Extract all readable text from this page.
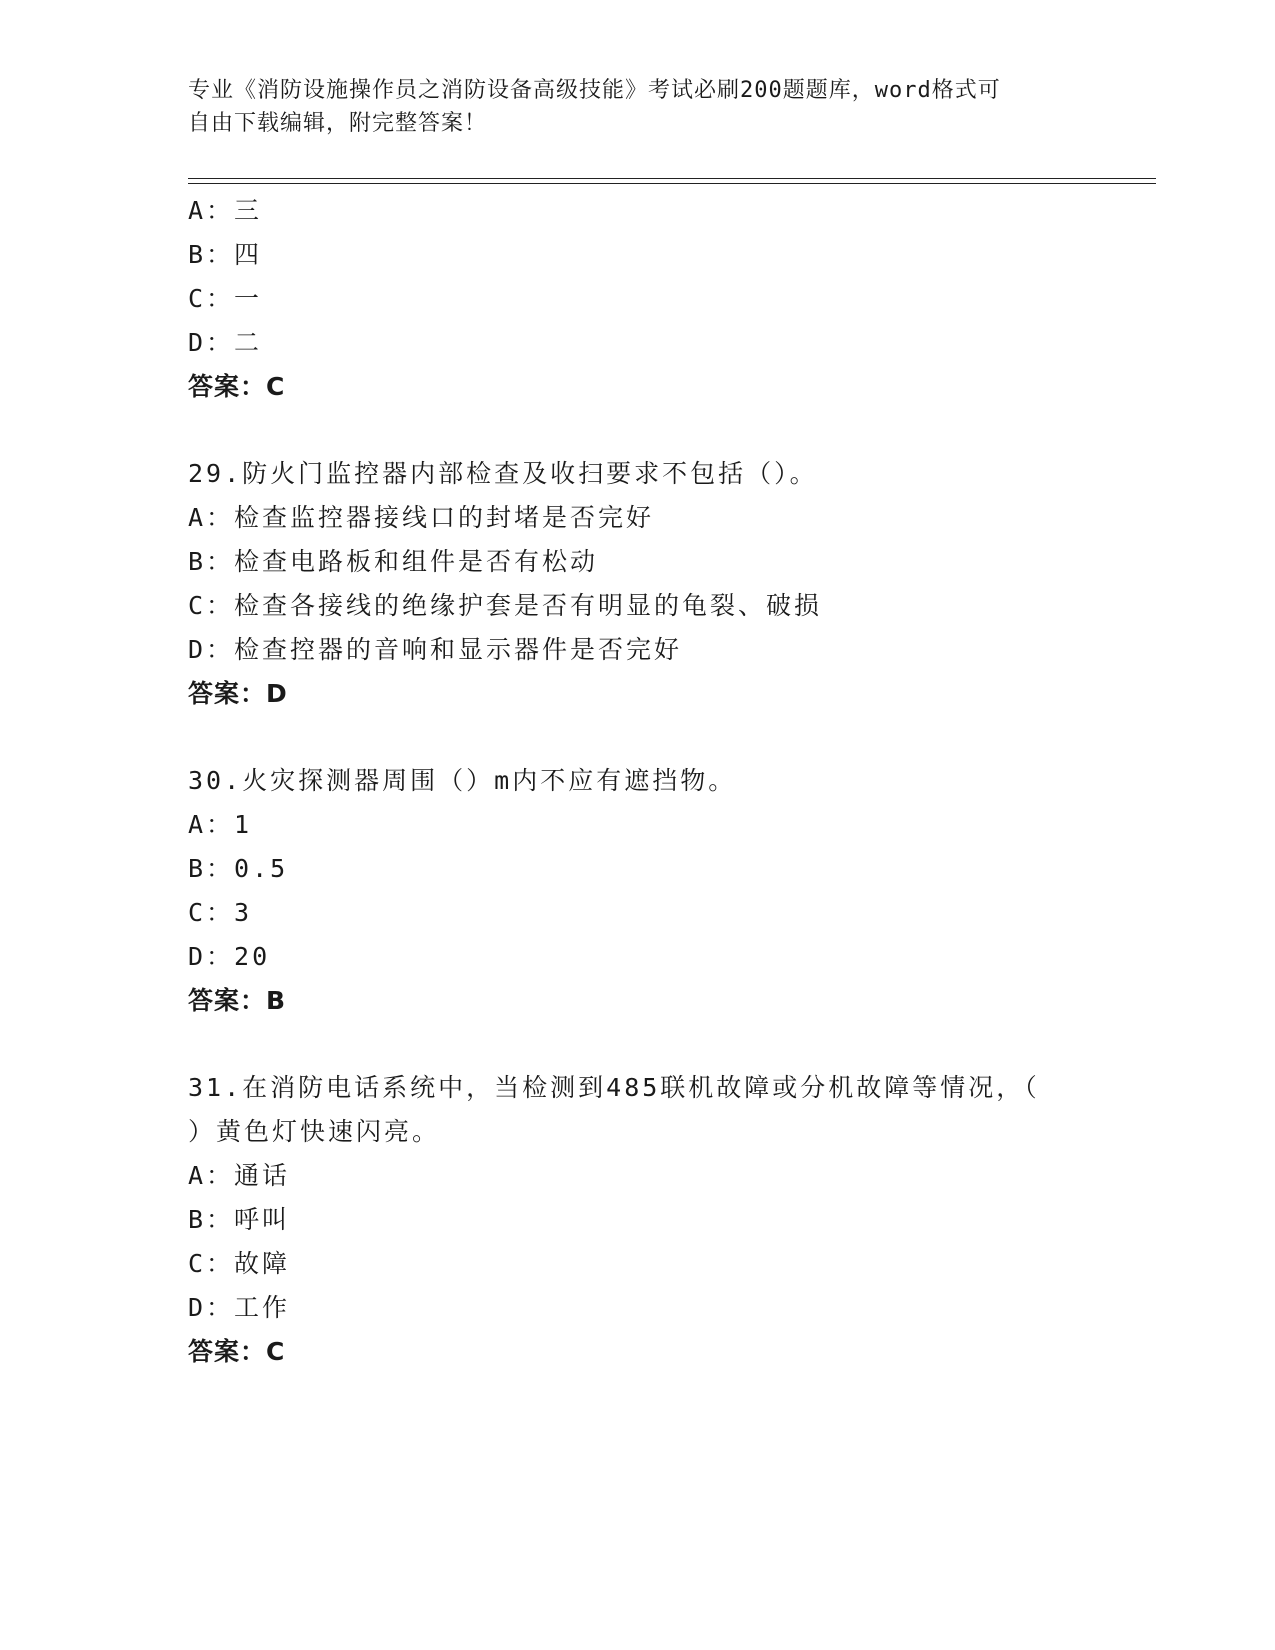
专业《消防设施操作员之消防设备高级技能》考试必刷200题题库，word格式可
自由下载编辑，附完整答案！
A：三
B：四
C：一
D：二
答案：C
29.防火门监控器内部检查及收扫要求不包括（）。
A：检查监控器接线口的封堵是否完好
B：检查电路板和组件是否有松动
C：检查各接线的绝缘护套是否有明显的龟裂、破损
D：检查控器的音响和显示器件是否完好
答案：D
30.火灾探测器周围（）m内不应有遮挡物。
A：1
B：0.5
C：3
D：20
答案：B
31.在消防电话系统中，当检测到485联机故障或分机故障等情况，（
）黄色灯快速闪亮。
A：通话
B：呼叫
C：故障
D：工作
答案：C
